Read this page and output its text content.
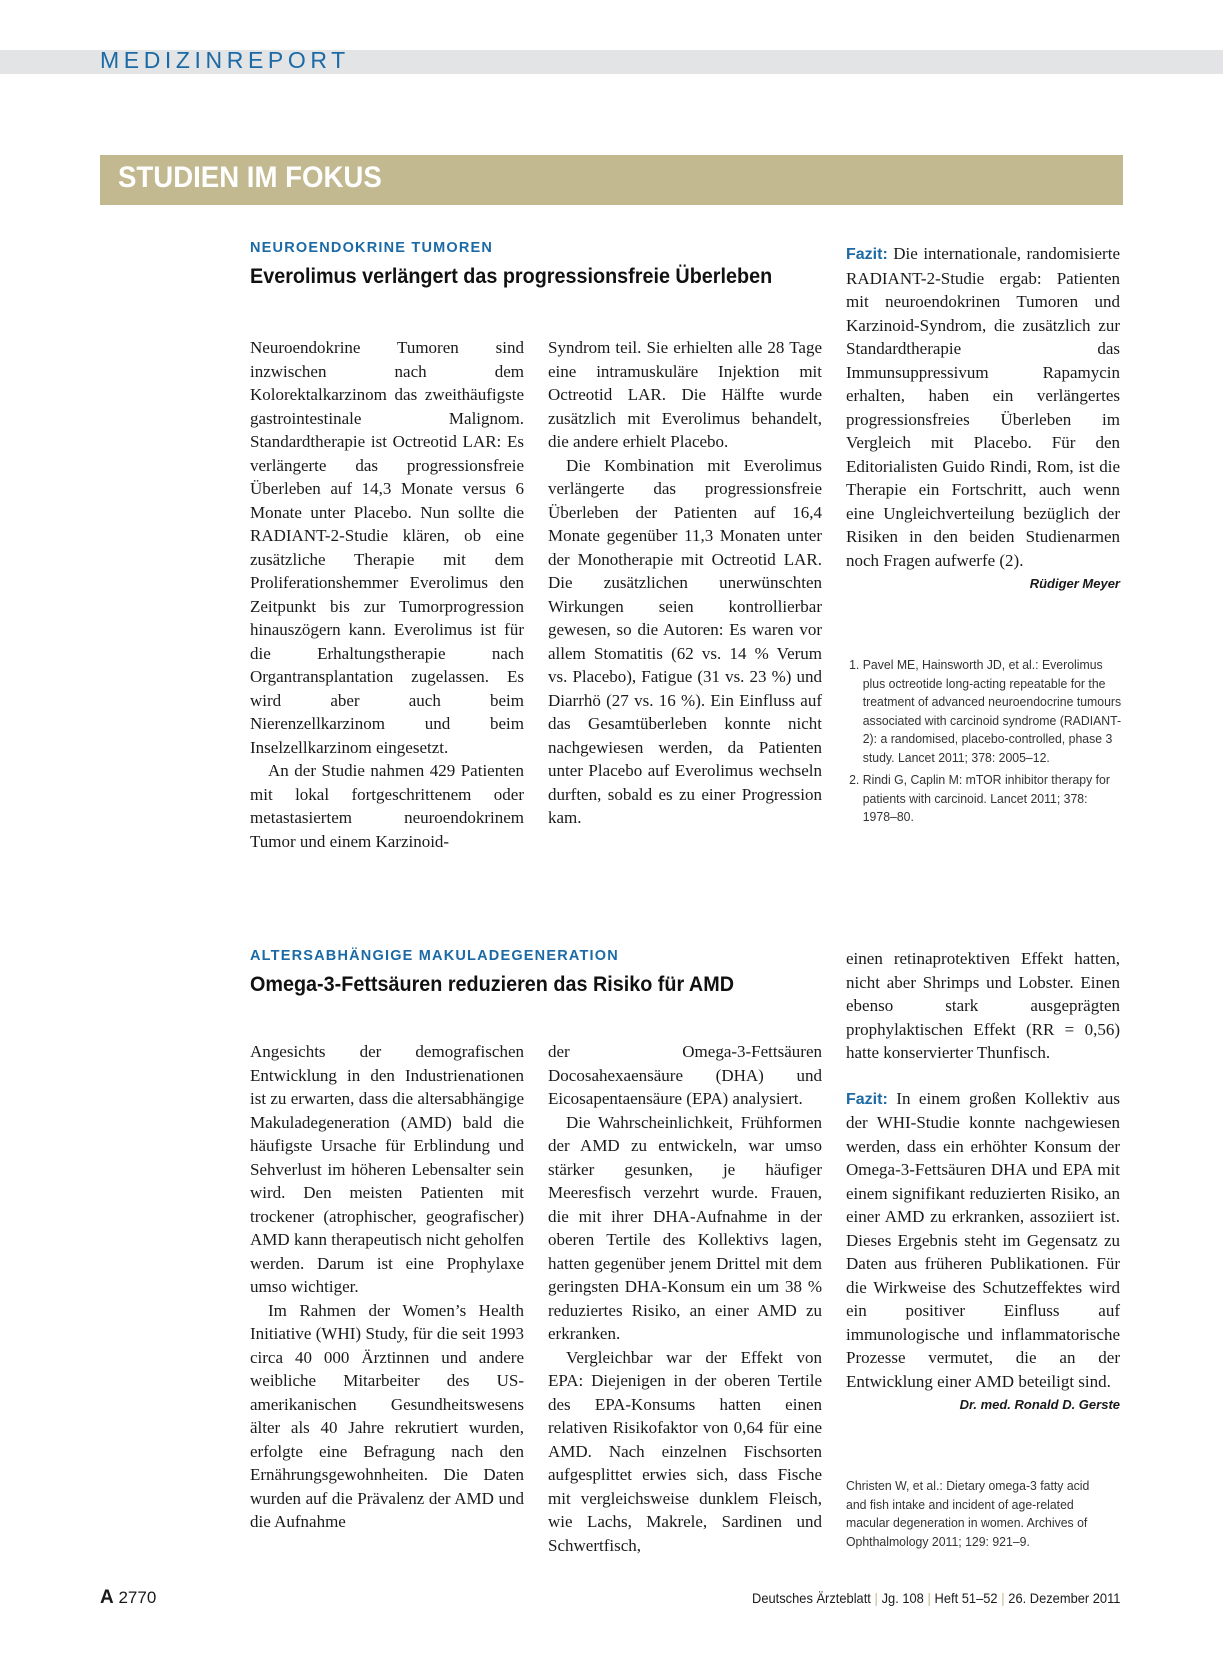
MEDIZINREPORT
STUDIEN IM FOKUS
NEUROENDOKRINE TUMOREN
Everolimus verlängert das progressionsfreie Überleben

Neuroendokrine Tumoren sind inzwischen nach dem Kolorektalkarzinom das zweithäufigste gastrointestinale Malignom. Standardtherapie ist Octreotid LAR: Es verlängerte das progressionsfreie Überleben auf 14,3 Monate versus 6 Monate unter Placebo. Nun sollte die RADIANT-2-Studie klären, ob eine zusätzliche Therapie mit dem Proliferationshemmer Everolimus den Zeitpunkt bis zur Tumorprogression hinauszögern kann. Everolimus ist für die Erhaltungstherapie nach Organtransplantation zugelassen. Es wird aber auch beim Nierenzellkarzinom und beim Inselzellkarzinom eingesetzt.

An der Studie nahmen 429 Patienten mit lokal fortgeschrittenem oder metastasiertem neuroendokrinem Tumor und einem Karzinoid-

Syndrom teil. Sie erhielten alle 28 Tage eine intramuskuläre Injektion mit Octreotid LAR. Die Hälfte wurde zusätzlich mit Everolimus behandelt, die andere erhielt Placebo.

Die Kombination mit Everolimus verlängerte das progressionsfreie Überleben der Patienten auf 16,4 Monate gegenüber 11,3 Monaten unter der Monotherapie mit Octreotid LAR. Die zusätzlichen unerwünschten Wirkungen seien kontrollierbar gewesen, so die Autoren: Es waren vor allem Stomatitis (62 vs. 14 % Verum vs. Placebo), Fatigue (31 vs. 23 %) und Diarrhö (27 vs. 16 %). Ein Einfluss auf das Gesamtüberleben konnte nicht nachgewiesen werden, da Patienten unter Placebo auf Everolimus wechseln durften, sobald es zu einer Progression kam.

Fazit: Die internationale, randomisierte RADIANT-2-Studie ergab: Patienten mit neuroendokrinen Tumoren und Karzinoid-Syndrom, die zusätzlich zur Standardtherapie das Immunsuppressivum Rapamycin erhalten, haben ein verlängertes progressionsfreies Überleben im Vergleich mit Placebo. Für den Editorialisten Guido Rindi, Rom, ist die Therapie ein Fortschritt, auch wenn eine Ungleichverteilung bezüglich der Risiken in den beiden Studienarmen noch Fragen aufwerfe (2).

Rüdiger Meyer
1. Pavel ME, Hainsworth JD, et al.: Everolimus plus octreotide long-acting repeatable for the treatment of advanced neuroendocrine tumours associated with carcinoid syndrome (RADIANT-2): a randomised, placebo-controlled, phase 3 study. Lancet 2011; 378: 2005–12.
2. Rindi G, Caplin M: mTOR inhibitor therapy for patients with carcinoid. Lancet 2011; 378: 1978–80.
ALTERSABHÄNGIGE MAKULADEGENERATION
Omega-3-Fettsäuren reduzieren das Risiko für AMD

Angesichts der demografischen Entwicklung in den Industrienationen ist zu erwarten, dass die altersabhängige Makuladegeneration (AMD) bald die häufigste Ursache für Erblindung und Sehverlust im höheren Lebensalter sein wird. Den meisten Patienten mit trockener (atrophischer, geografischer) AMD kann therapeutisch nicht geholfen werden. Darum ist eine Prophylaxe umso wichtiger.

Im Rahmen der Women’s Health Initiative (WHI) Study, für die seit 1993 circa 40 000 Ärztinnen und andere weibliche Mitarbeiter des US-amerikanischen Gesundheitswesens älter als 40 Jahre rekrutiert wurden, erfolgte eine Befragung nach den Ernährungsgewohnheiten. Die Daten wurden auf die Prävalenz der AMD und die Aufnahme

der Omega-3-Fettsäuren Docosahexaensäure (DHA) und Eicosapentaensäure (EPA) analysiert.

Die Wahrscheinlichkeit, Frühformen der AMD zu entwickeln, war umso stärker gesunken, je häufiger Meeresfisch verzehrt wurde. Frauen, die mit ihrer DHA-Aufnahme in der oberen Tertile des Kollektivs lagen, hatten gegenüber jenem Drittel mit dem geringsten DHA-Konsum ein um 38 % reduziertes Risiko, an einer AMD zu erkranken.

Vergleichbar war der Effekt von EPA: Diejenigen in der oberen Tertile des EPA-Konsums hatten einen relativen Risikofaktor von 0,64 für eine AMD. Nach einzelnen Fischsorten aufgesplittet erwies sich, dass Fische mit vergleichsweise dunklem Fleisch, wie Lachs, Makrele, Sardinen und Schwertfisch,

einen retinaprotektiven Effekt hatten, nicht aber Shrimps und Lobster. Einen ebenso stark ausgeprägten prophylaktischen Effekt (RR = 0,56) hatte konservierter Thunfisch.

Fazit: In einem großen Kollektiv aus der WHI-Studie konnte nachgewiesen werden, dass ein erhöhter Konsum der Omega-3-Fettsäuren DHA und EPA mit einem signifikant reduzierten Risiko, an einer AMD zu erkranken, assoziiert ist. Dieses Ergebnis steht im Gegensatz zu Daten aus früheren Publikationen. Für die Wirkweise des Schutzeffektes wird ein positiver Einfluss auf immunologische und inflammatorische Prozesse vermutet, die an der Entwicklung einer AMD beteiligt sind.
Dr. med. Ronald D. Gerste

Christen W, et al.: Dietary omega-3 fatty acid and fish intake and incident of age-related macular degeneration in women. Archives of Ophthalmology 2011; 129: 921–9.

A 2770	Deutsches Ärzteblatt | Jg. 108 | Heft 51–52 | 26. Dezember 2011
